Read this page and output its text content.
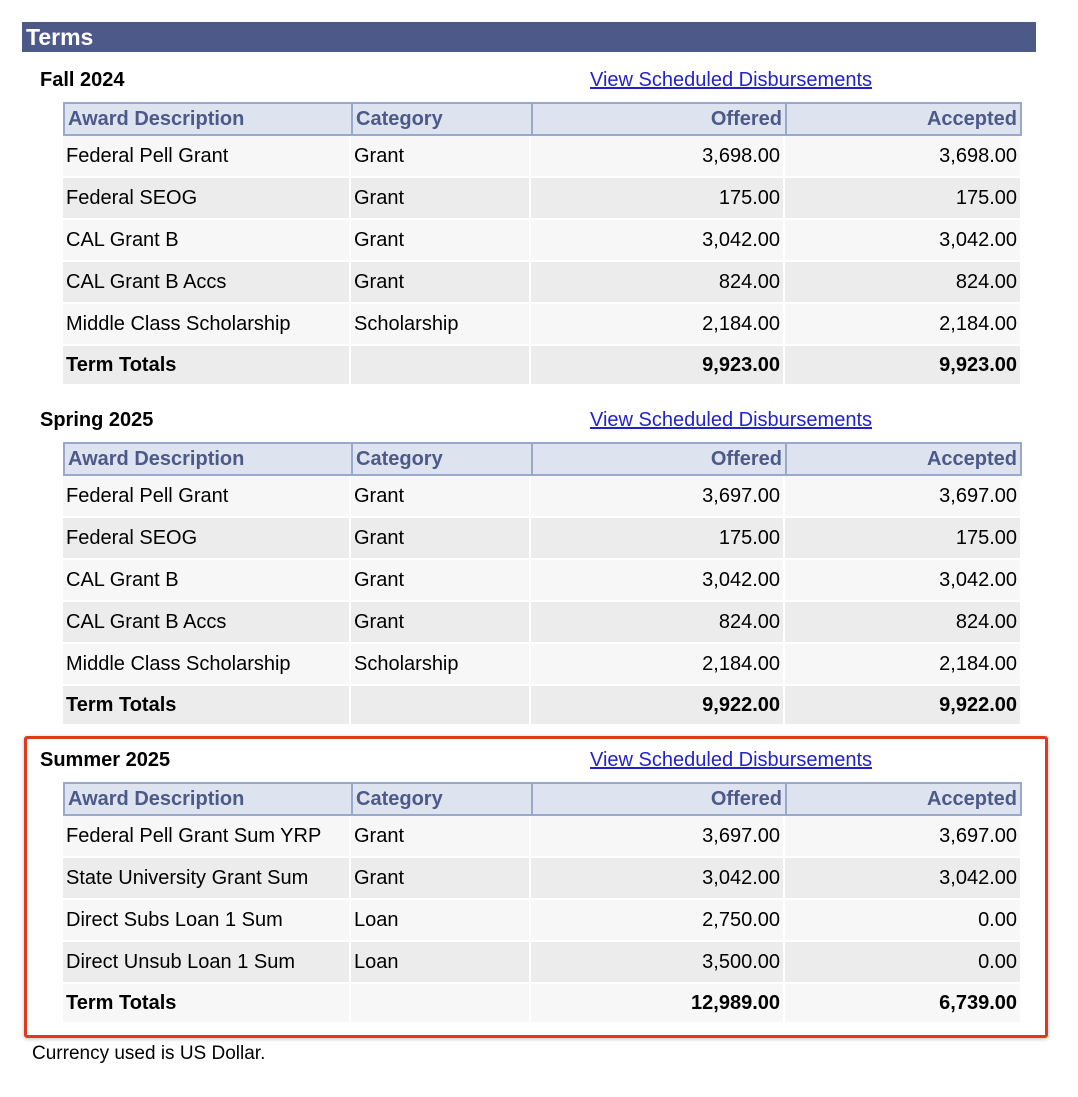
Terms
Fall 2024	View Scheduled Disbursements
Award Description	Category	Offered	Accepted
Federal Pell Grant	Grant	3,698.00	3,698.00
Federal SEOG	Grant	175.00	175.00
CAL Grant B	Grant	3,042.00	3,042.00
CAL Grant B Accs	Grant	824.00	824.00
Middle Class Scholarship	Scholarship	2,184.00	2,184.00
Term Totals		9,923.00	9,923.00
Spring 2025	View Scheduled Disbursements
Award Description	Category	Offered	Accepted
Federal Pell Grant	Grant	3,697.00	3,697.00
Federal SEOG	Grant	175.00	175.00
CAL Grant B	Grant	3,042.00	3,042.00
CAL Grant B Accs	Grant	824.00	824.00
Middle Class Scholarship	Scholarship	2,184.00	2,184.00
Term Totals		9,922.00	9,922.00
Summer 2025	View Scheduled Disbursements
Award Description	Category	Offered	Accepted
Federal Pell Grant Sum YRP	Grant	3,697.00	3,697.00
State University Grant Sum	Grant	3,042.00	3,042.00
Direct Subs Loan 1 Sum	Loan	2,750.00	0.00
Direct Unsub Loan 1 Sum	Loan	3,500.00	0.00
Term Totals		12,989.00	6,739.00
Currency used is US Dollar.
